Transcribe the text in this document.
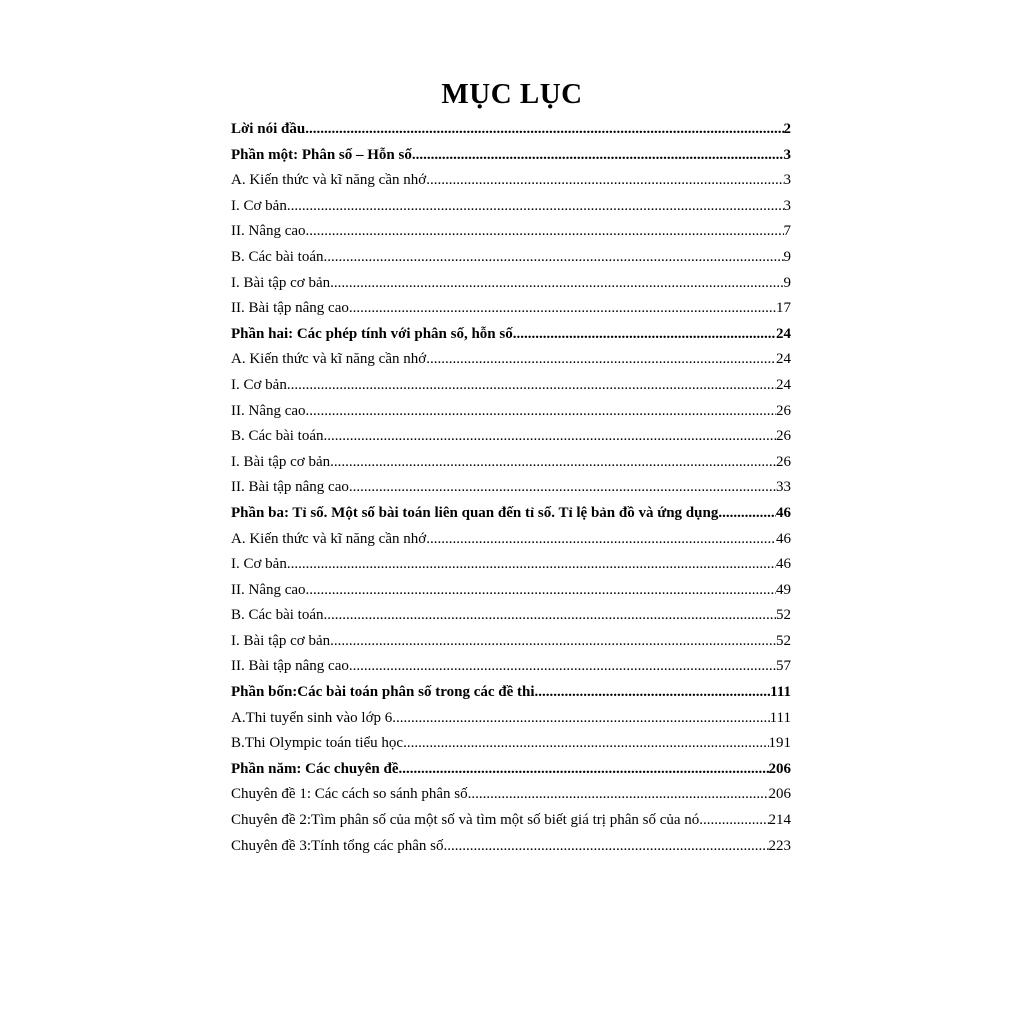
MỤC LỤC
Lời nói đầu .....	2
Phần một: Phân số – Hỗn số .....	3
A. Kiến thức và kĩ năng cần nhớ .....	3
I. Cơ bản .....	3
II. Nâng cao .....	7
B. Các bài toán .....	9
I. Bài tập cơ bản .....	9
II. Bài tập nâng cao .....	17
Phần hai: Các phép tính với phân số, hỗn số .....	24
A. Kiến thức và kĩ năng cần nhớ .....	24
I. Cơ bản .....	24
II. Nâng cao .....	26
B. Các bài toán .....	26
I. Bài tập cơ bản .....	26
II. Bài tập nâng cao .....	33
Phần ba: Tỉ số. Một số bài toán liên quan đến tỉ số. Tỉ lệ bản đồ và ứng dụng .....	46
A. Kiến thức và kĩ năng cần nhớ .....	46
I. Cơ bản .....	46
II. Nâng cao .....	49
B. Các bài toán .....	52
I. Bài tập cơ bản .....	52
II. Bài tập nâng cao .....	57
Phần bốn:Các bài toán phân số trong các đề thi .....	111
A.Thi tuyển sinh vào lớp 6 .....	111
B.Thi Olympic toán tiểu học .....	191
Phần năm: Các chuyên đề .....	206
Chuyên đề 1: Các cách so sánh phân số .....	206
Chuyên đề 2:Tìm phân số của một số và tìm một số biết giá trị phân số của nó .....	214
Chuyên đề 3:Tính tổng các phân số .....	223
